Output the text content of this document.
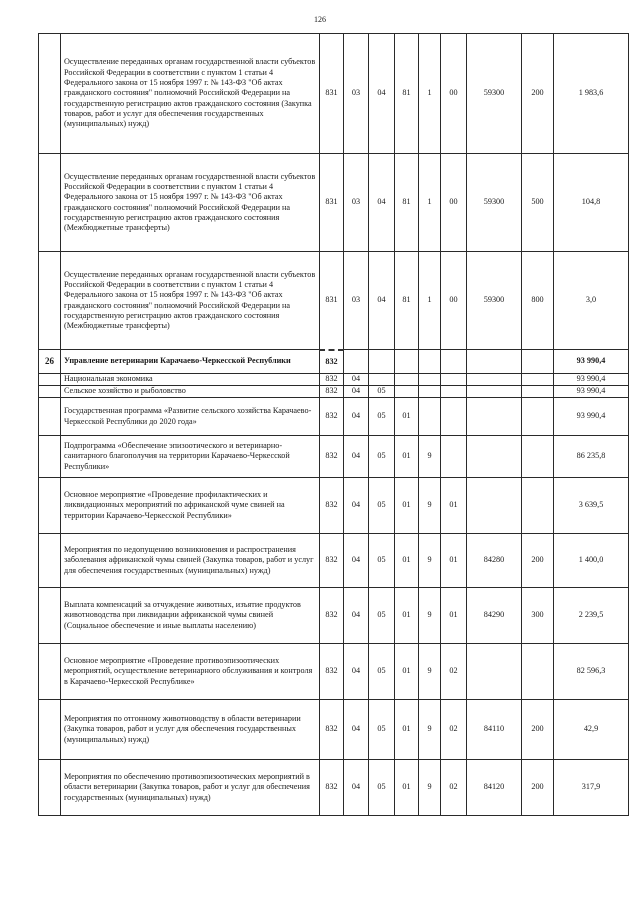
126
	Осуществление переданных органам государственной власти субъектов Российской Федерации в соответствии с пунктом 1 статьи 4 Федерального закона от 15 ноября 1997 г. № 143-ФЗ "Об актах гражданского состояния" полномочий Российской Федерации на государственную регистрацию актов гражданского состояния (Закупка товаров, работ и услуг для обеспечения государственных (муниципальных) нужд)	831	03	04	81	1	00	59300	200	1 983,6
	Осуществление переданных органам государственной власти субъектов Российской Федерации в соответствии с пунктом 1 статьи 4 Федерального закона от 15 ноября 1997 г. № 143-ФЗ "Об актах гражданского состояния" полномочий Российской Федерации на государственную регистрацию актов гражданского состояния (Межбюджетные трансферты)	831	03	04	81	1	00	59300	500	104,8
	Осуществление переданных органам государственной власти субъектов Российской Федерации в соответствии с пунктом 1 статьи 4 Федерального закона от 15 ноября 1997 г. № 143-ФЗ "Об актах гражданского состояния" полномочий Российской Федерации на государственную регистрацию актов гражданского состояния (Межбюджетные трансферты)	831	03	04	81	1	00	59300	800	3,0
26	Управление ветеринарии Карачаево-Черкесской Республики	832								93 990,4
	Национальная экономика	832	04							93 990,4
	Сельское хозяйство и рыболовство	832	04	05						93 990,4
	Государственная программа «Развитие сельского хозяйства Карачаево-Черкесской Республики до 2020 года»	832	04	05	01					93 990,4
	Подпрограмма «Обеспечение эпизоотического и ветеринарно-санитарного благополучия на территории Карачаево-Черкесской Республики»	832	04	05	01	9				86 235,8
	Основное мероприятие «Проведение профилактических и ликвидационных мероприятий по африканской чуме свиней на территории Карачаево-Черкесской Республики»	832	04	05	01	9	01			3 639,5
	Мероприятия по недопущению возникновения и распространения заболевания африканской чумы свиней (Закупка товаров, работ и услуг для обеспечения государственных (муниципальных) нужд)	832	04	05	01	9	01	84280	200	1 400,0
	Выплата компенсаций за отчуждение животных, изъятие продуктов животноводства при ликвидации африканской чумы свиней (Социальное обеспечение и иные выплаты населению)	832	04	05	01	9	01	84290	300	2 239,5
	Основное мероприятие «Проведение противоэпизоотических мероприятий, осуществление ветеринарного обслуживания и контроля в Карачаево-Черкесской Республике»	832	04	05	01	9	02			82 596,3
	Мероприятия по отгонному животноводству в области ветеринарии (Закупка товаров, работ и услуг для обеспечения государственных (муниципальных) нужд)	832	04	05	01	9	02	84110	200	42,9
	Мероприятия по обеспечению противоэпизоотических мероприятий в области ветеринарии (Закупка товаров, работ и услуг для обеспечения государственных (муниципальных) нужд)	832	04	05	01	9	02	84120	200	317,9
